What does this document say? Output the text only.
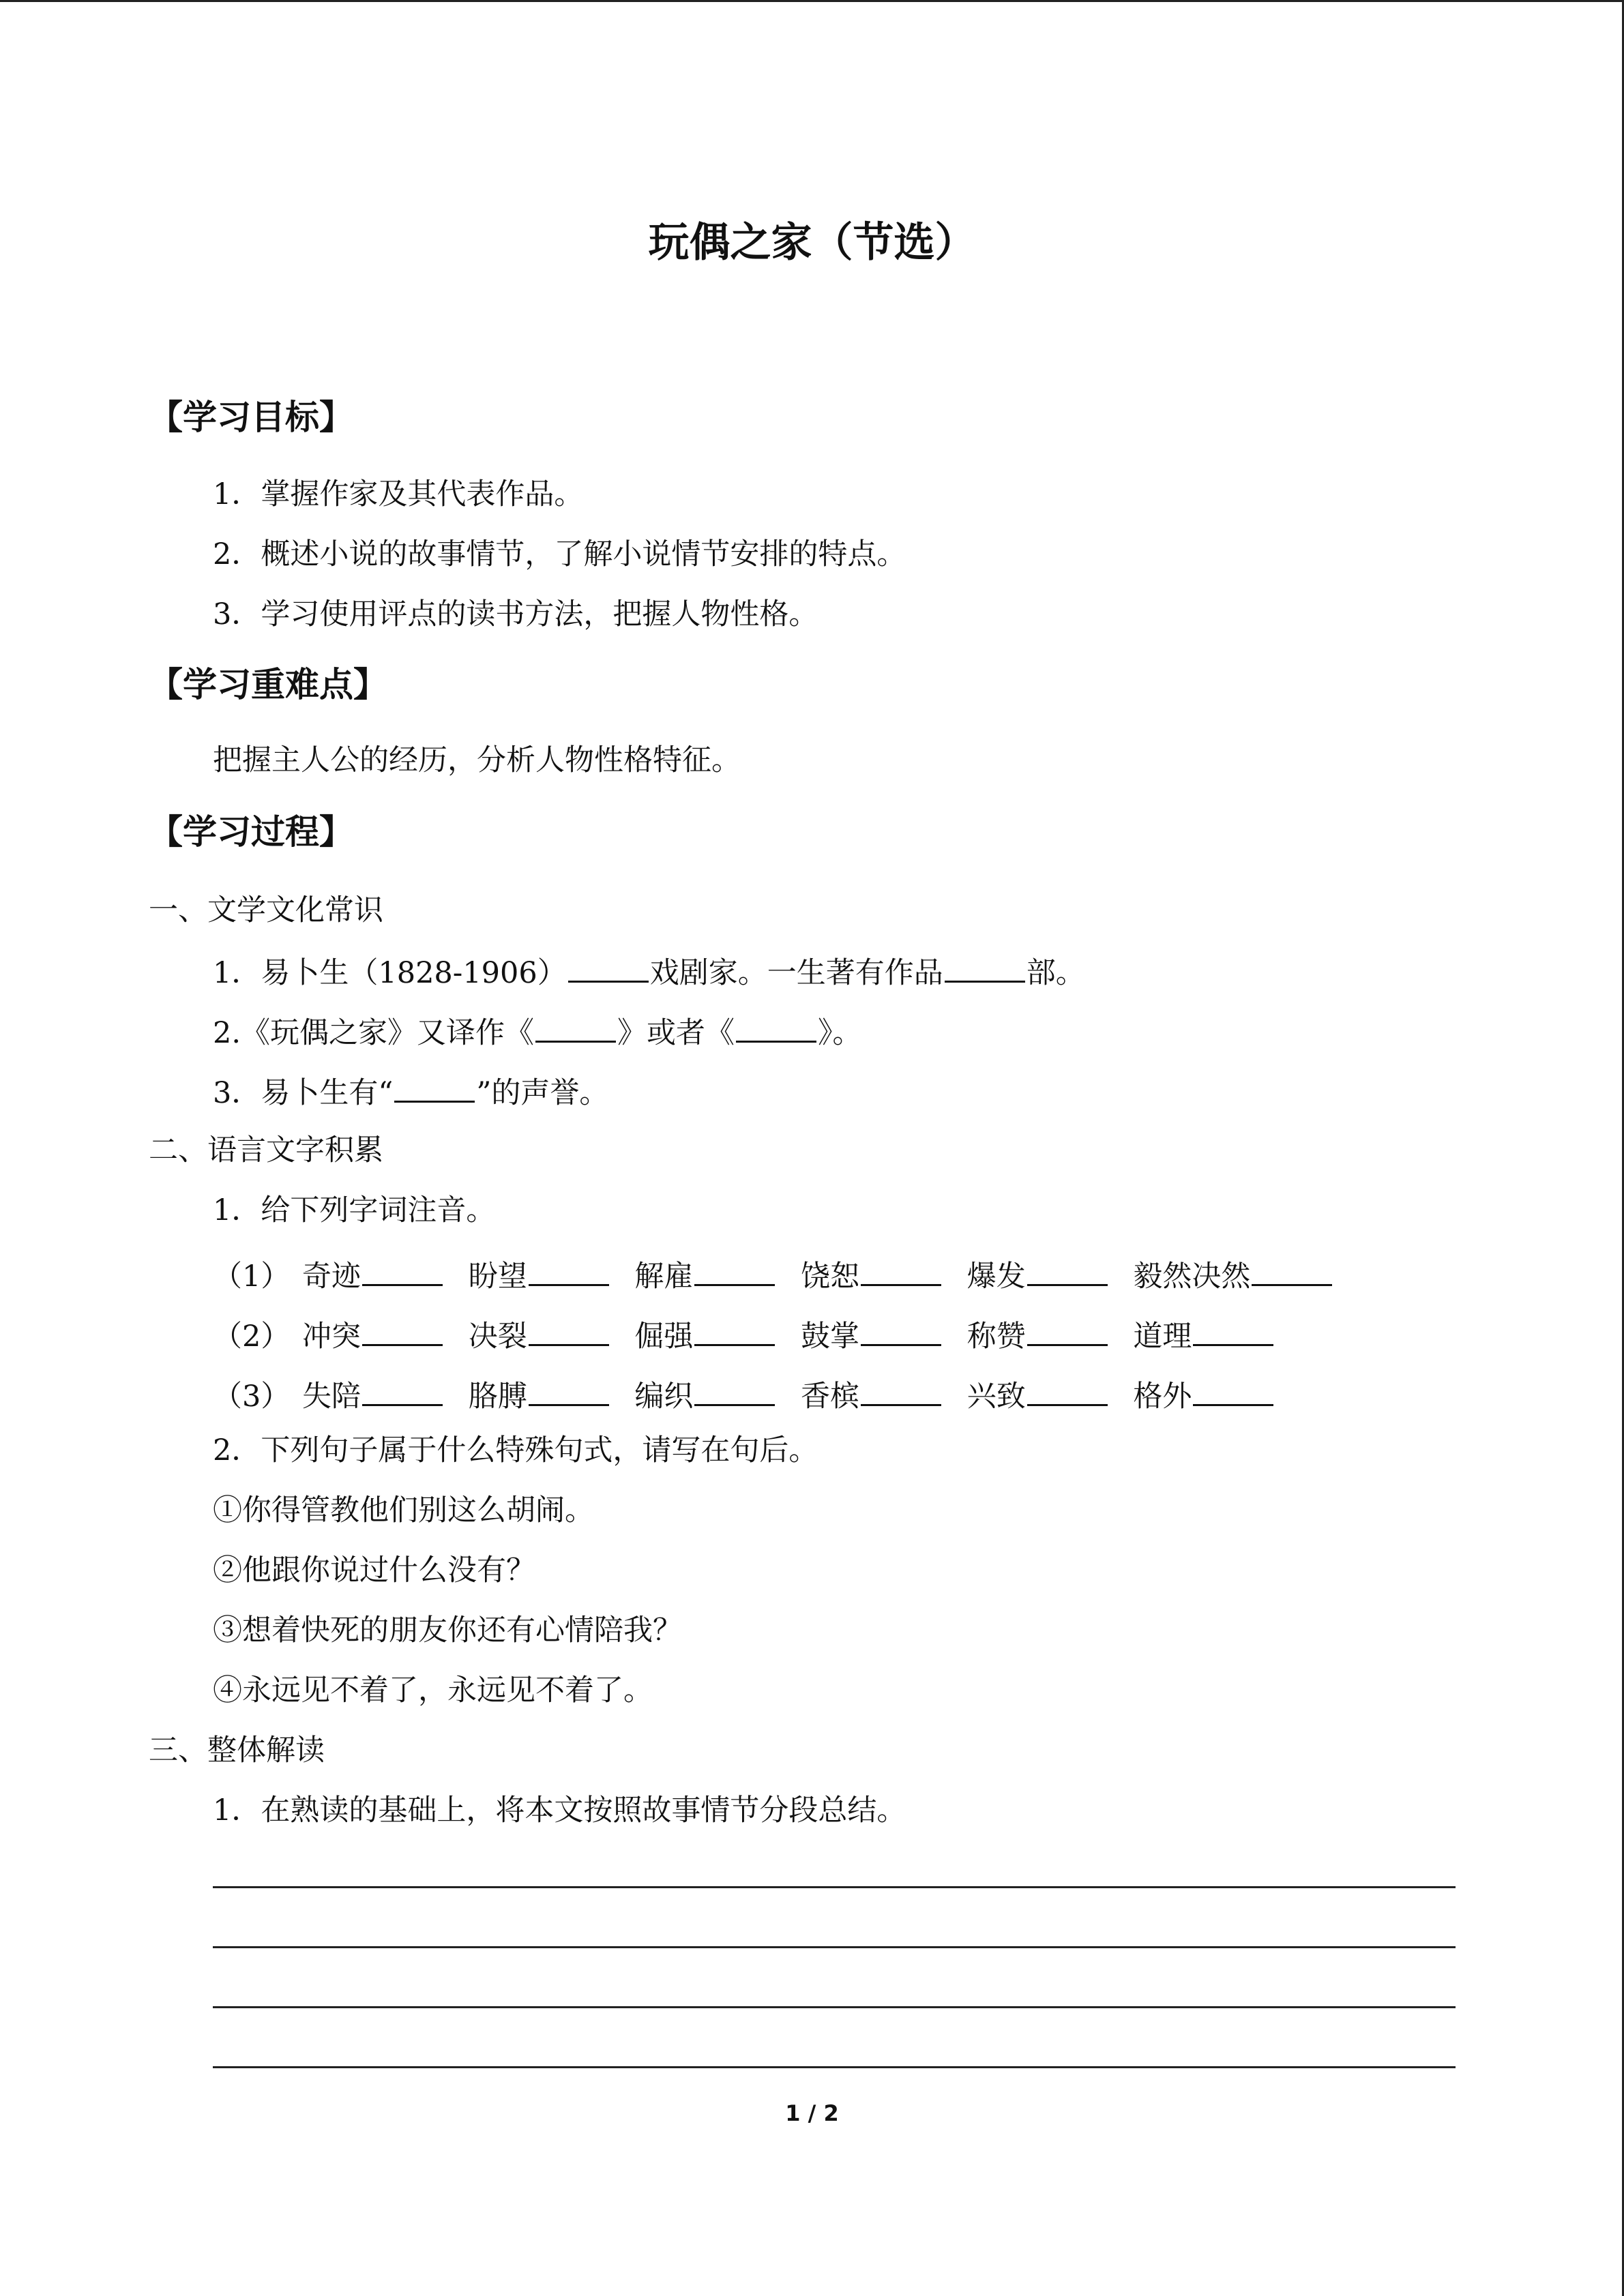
玩偶之家（节选）
【学习目标】
1．掌握作家及其代表作品。
2．概述小说的故事情节，了解小说情节安排的特点。
3．学习使用评点的读书方法，把握人物性格。
【学习重难点】
把握主人公的经历，分析人物性格特征。
【学习过程】
一、文学文化常识
1．易卜生（1828-1906）	戏剧家。一生著有作品	部。
2.《玩偶之家》又译作《	》或者《	》。
3．易卜生有“	”的声誉。
二、语言文字积累
1．给下列字词注音。
（1） 奇迹	盼望	解雇	饶恕	爆发	毅然决然
（2） 冲突	决裂	倔强	鼓掌	称赞	道理
（3） 失陪	胳膊	编织	香槟	兴致	格外
2．下列句子属于什么特殊句式，请写在句后。
①你得管教他们别这么胡闹。
②他跟你说过什么没有？
③想着快死的朋友你还有心情陪我？
④永远见不着了，永远见不着了。
三、整体解读
1．在熟读的基础上，将本文按照故事情节分段总结。
1 / 2
